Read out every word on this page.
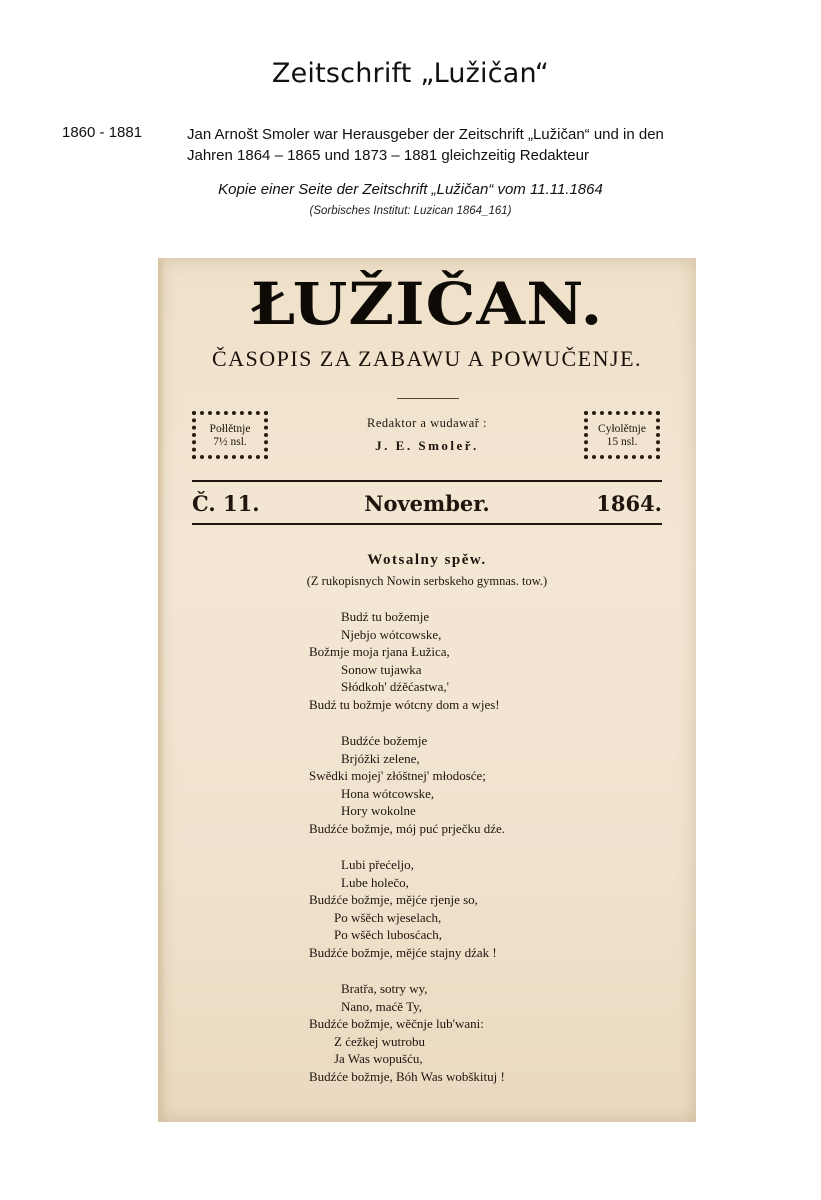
Zeitschrift „Lužičan“
1860 - 1881	Jan Arnošt Smoler war Herausgeber der Zeitschrift „Lužičan“ und in den
Jahren 1864 – 1865 und 1873 – 1881 gleichzeitig Redakteur
Kopie einer Seite der Zeitschrift „Lužičan“ vom 11.11.1864
(Sorbisches Institut: Luzican 1864_161)
ŁUŽIČAN.
ČASOPIS ZA ZABAWU A POWUČENJE.
Połlětnje
7½ nsl.
Redaktor a wudawař :
J. E. Smoleř.
Cyłolětnje
15 nsl.
Č. 11.	November.	1864.
Wotsalny spěw.
(Z rukopisnych Nowin serbskeho gymnas. tow.)
Budź tu božemje
Njebjo wótcowske,
Božmje moja rjana Łužica,
Sonow tujawka
Słódkoh' dźěćastwa,'
Budź tu božmje wótcny dom a wjes!
Budźće božemje
Brjóžki zelene,
Swědki mojej' złóštnej' młodosće;
Hona wótcowske,
Hory wokolne
Budźće božmje, mój puć prječku dźe.
Lubi přećeljo,
Lube holečo,
Budźće božmje, mějće rjenje so,
Po wšěch wjeselach,
Po wšěch lubosćach,
Budźće božmje, mějće stajny dźak !
Bratřa, sotry wy,
Nano, maćě Ty,
Budźće božmje, wěčnje lub'wani:
Z ćežkej wutrobu
Ja Was wopušću,
Budźće božmje, Bóh Was wobškituj !
